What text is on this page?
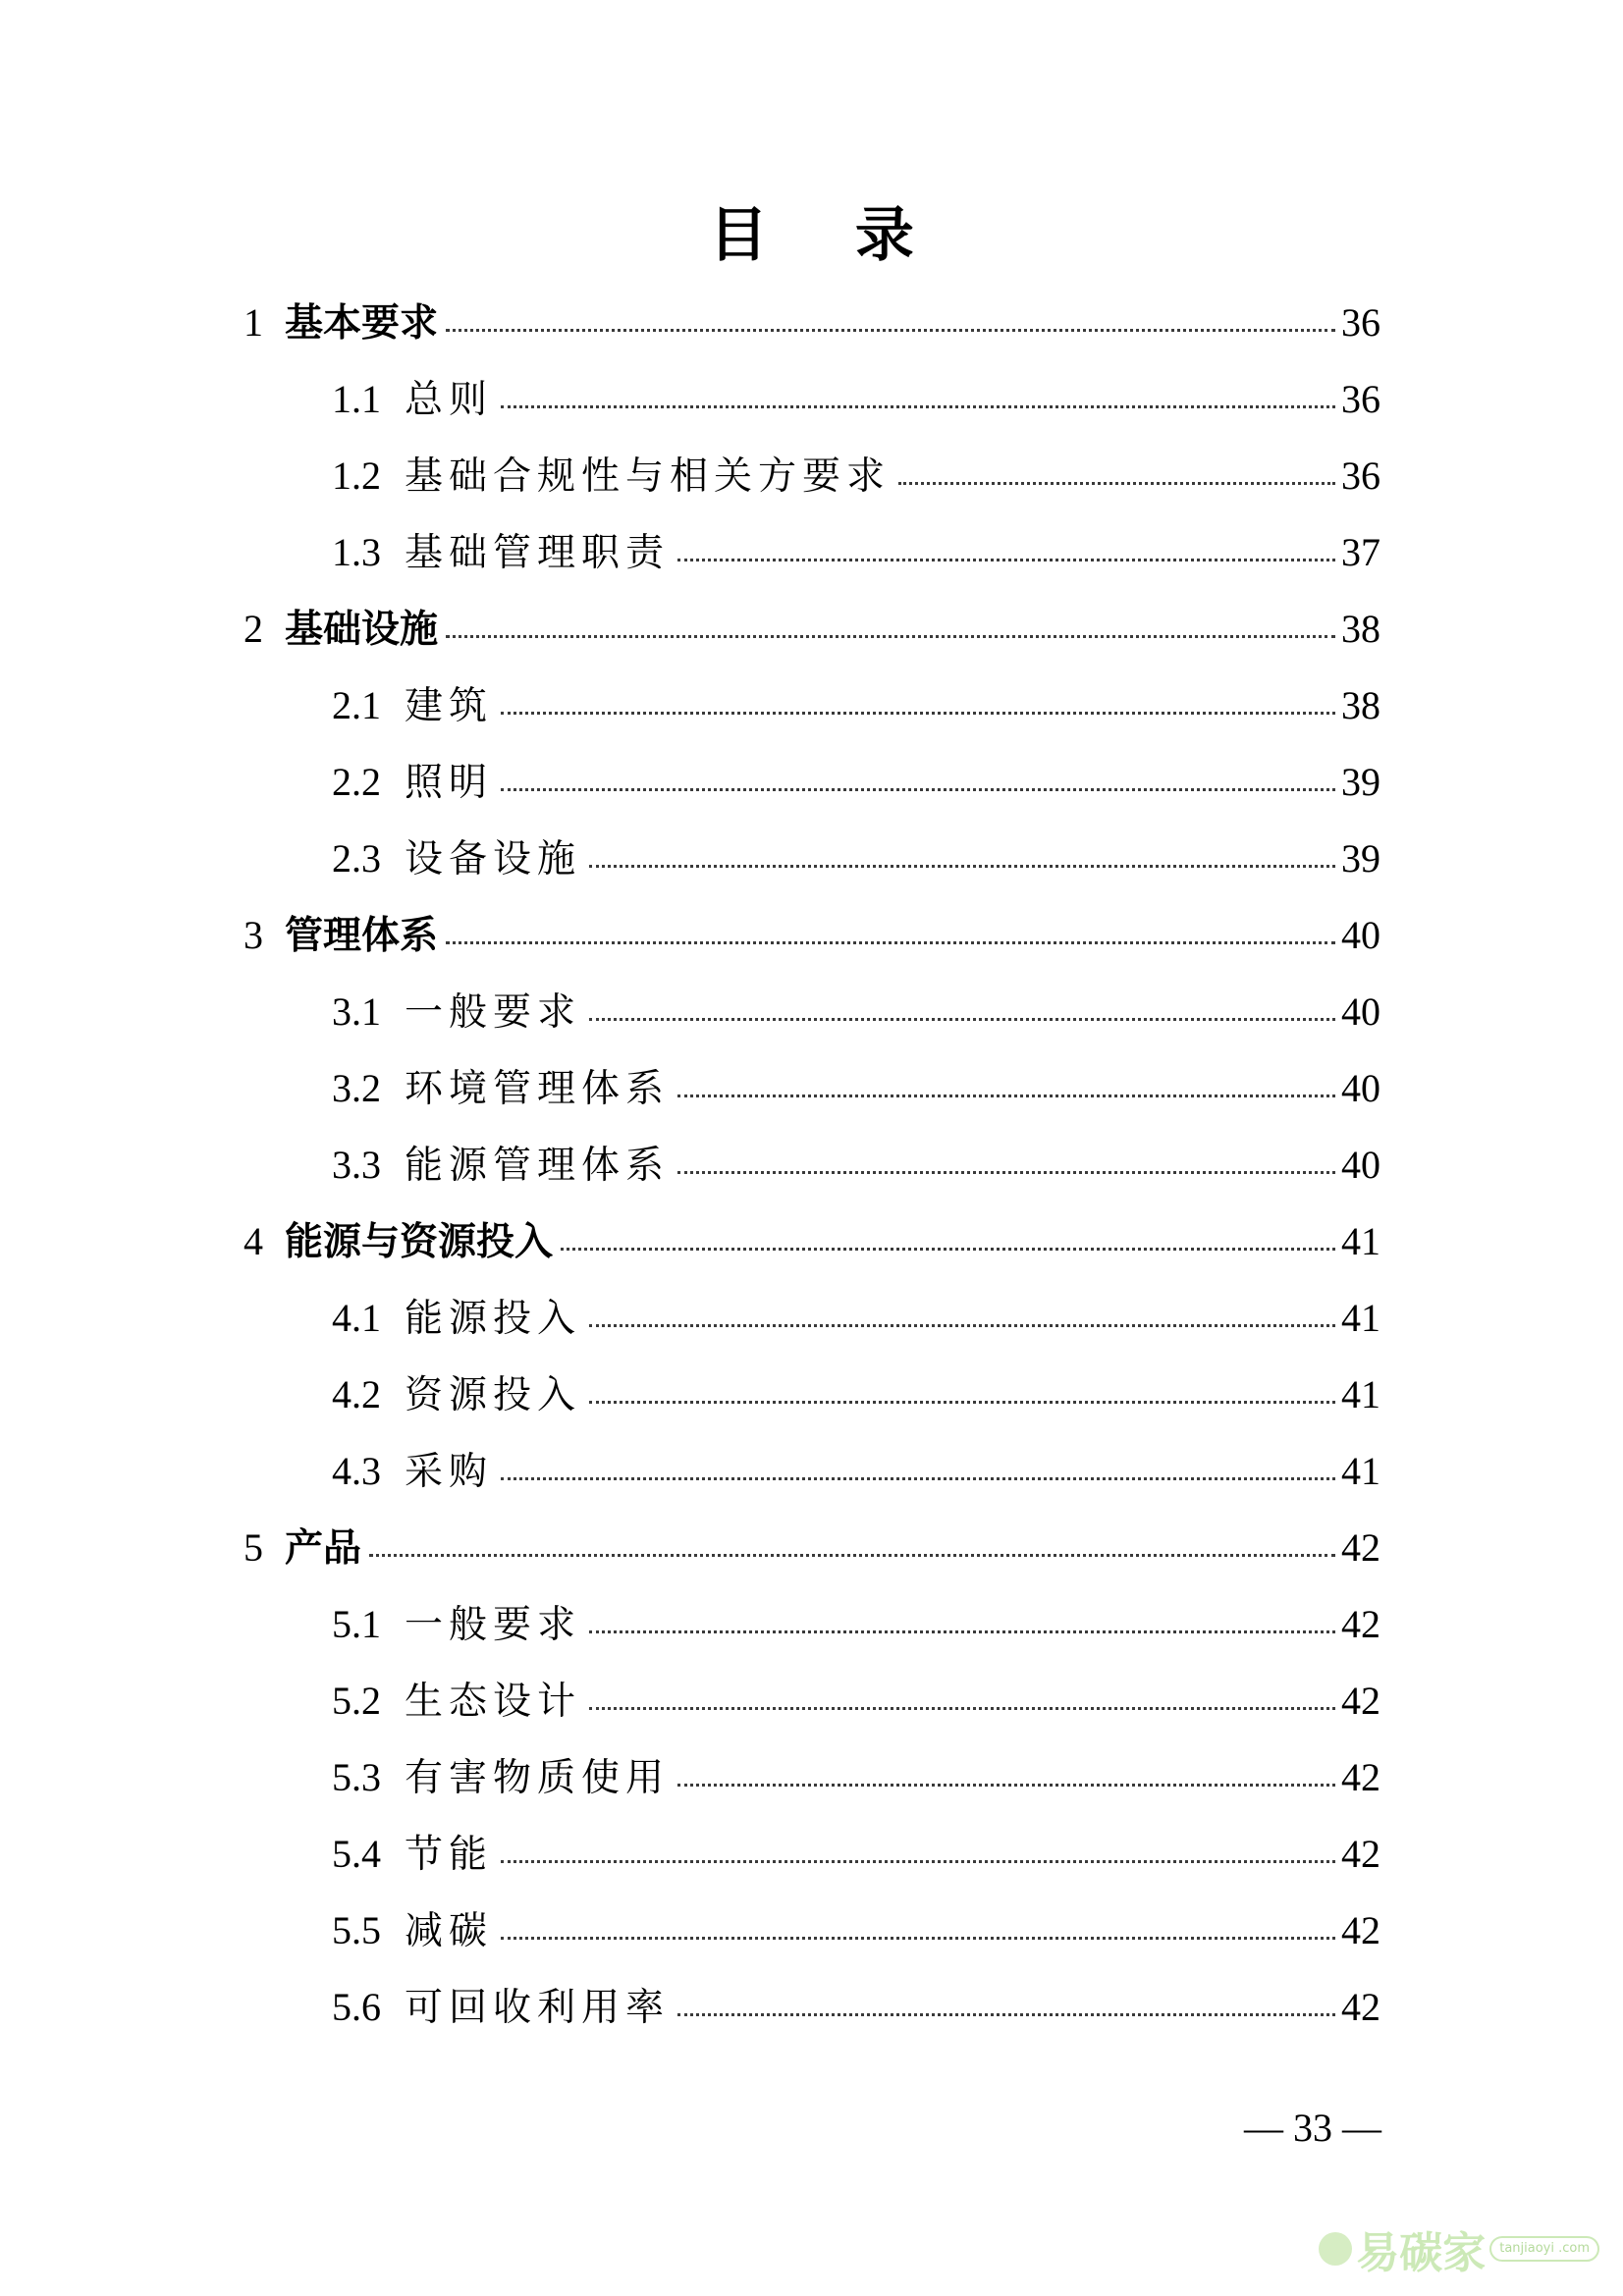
目 录
1 基本要求	36
1.1 总则	36
1.2 基础合规性与相关方要求	36
1.3 基础管理职责	37
2 基础设施	38
2.1 建筑	38
2.2 照明	39
2.3 设备设施	39
3 管理体系	40
3.1 一般要求	40
3.2 环境管理体系	40
3.3 能源管理体系	40
4 能源与资源投入	41
4.1 能源投入	41
4.2 资源投入	41
4.3 采购	41
5 产品	42
5.1 一般要求	42
5.2 生态设计	42
5.3 有害物质使用	42
5.4 节能	42
5.5 减碳	42
5.6 可回收利用率	42
— 33 —
易碳家	tanjiaoyi .com
